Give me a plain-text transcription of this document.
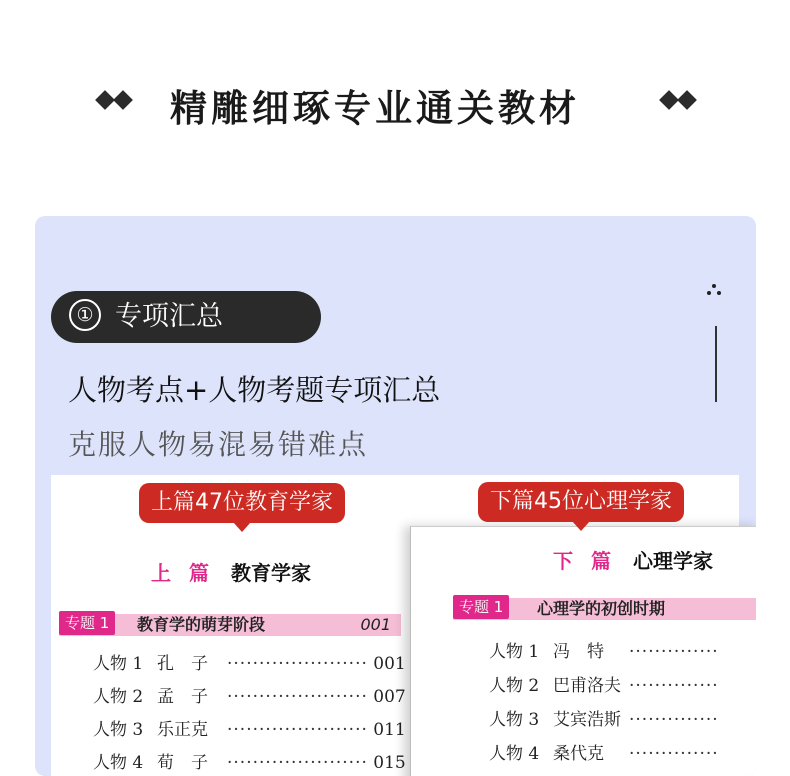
精雕细琢专业通关教材
① 专项汇总
人物考点+人物考题专项汇总
克服人物易混易错难点
上篇47位教育学家
上篇 教育学家
专题 1	教育学的萌芽阶段	001
人物 1 孔　子 ······················ 001
人物 2 孟　子 ······················ 007
人物 3 乐正克 ······················ 011
人物 4 荀　子 ······················ 015
下篇 心理学家
专题 1	心理学的初创时期
人物 1 冯　特 ··············
人物 2 巴甫洛夫 ··············
人物 3 艾宾浩斯 ··············
人物 4 桑代克 ··············
下篇45位心理学家
